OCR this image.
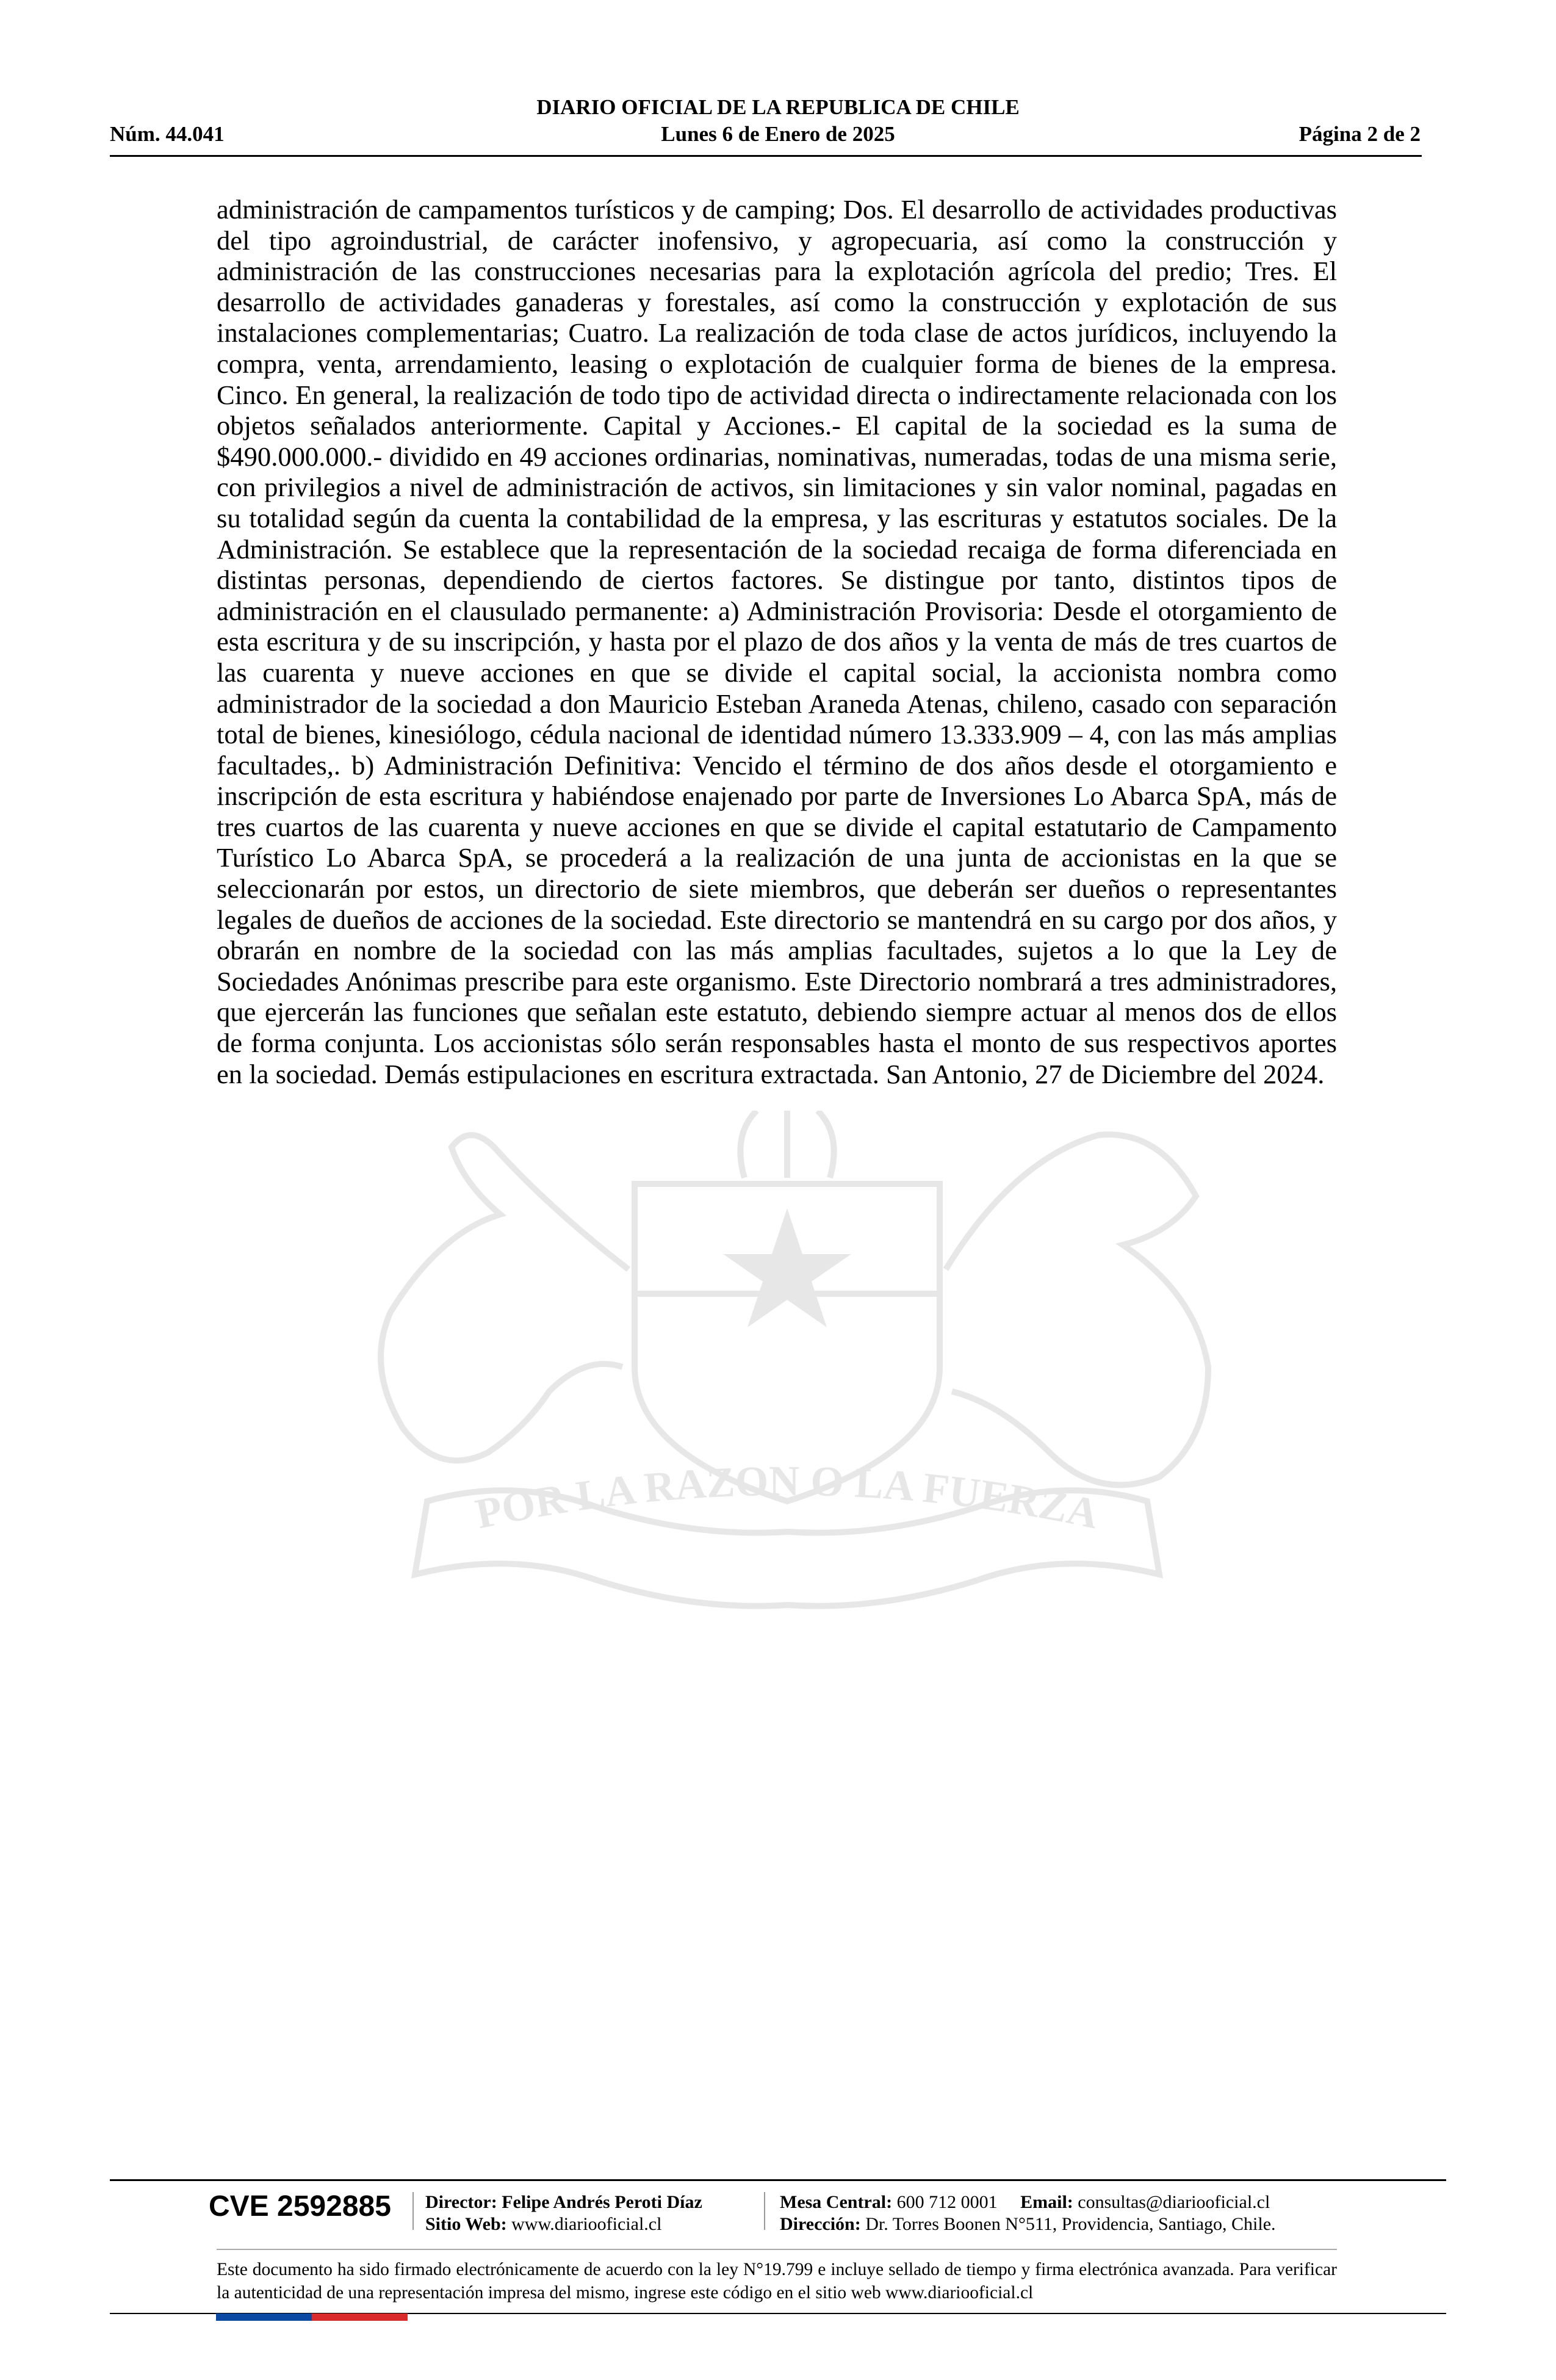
DIARIO OFICIAL DE LA REPUBLICA DE CHILE
Núm. 44.041	Lunes 6 de Enero de 2025	Página 2 de 2
POR LA RAZON O LA FUERZA
administración de campamentos turísticos y de camping; Dos. El desarrollo de actividades productivas del tipo agroindustrial, de carácter inofensivo, y agropecuaria, así como la construcción y administración de las construcciones necesarias para la explotación agrícola del predio; Tres. El desarrollo de actividades ganaderas y forestales, así como la construcción y explotación de sus instalaciones complementarias; Cuatro. La realización de toda clase de actos jurídicos, incluyendo la compra, venta, arrendamiento, leasing o explotación de cualquier forma de bienes de la empresa. Cinco. En general, la realización de todo tipo de actividad directa o indirectamente relacionada con los objetos señalados anteriormente. Capital y Acciones.- El capital de la sociedad es la suma de $490.000.000.- dividido en 49 acciones ordinarias, nominativas, numeradas, todas de una misma serie, con privilegios a nivel de administración de activos, sin limitaciones y sin valor nominal, pagadas en su totalidad según da cuenta la contabilidad de la empresa, y las escrituras y estatutos sociales. De la Administración. Se establece que la representación de la sociedad recaiga de forma diferenciada en distintas personas, dependiendo de ciertos factores. Se distingue por tanto, distintos tipos de administración en el clausulado permanente: a) Administración Provisoria: Desde el otorgamiento de esta escritura y de su inscripción, y hasta por el plazo de dos años y la venta de más de tres cuartos de las cuarenta y nueve acciones en que se divide el capital social, la accionista nombra como administrador de la sociedad a don Mauricio Esteban Araneda Atenas, chileno, casado con separación total de bienes, kinesiólogo, cédula nacional de identidad número 13.333.909 – 4, con las más amplias facultades,. b) Administración Definitiva: Vencido el término de dos años desde el otorgamiento e inscripción de esta escritura y habiéndose enajenado por parte de Inversiones Lo Abarca SpA, más de tres cuartos de las cuarenta y nueve acciones en que se divide el capital estatutario de Campamento Turístico Lo Abarca SpA, se procederá a la realización de una junta de accionistas en la que se seleccionarán por estos, un directorio de siete miembros, que deberán ser dueños o representantes legales de dueños de acciones de la sociedad. Este directorio se mantendrá en su cargo por dos años, y obrarán en nombre de la sociedad con las más amplias facultades, sujetos a lo que la Ley de Sociedades Anónimas prescribe para este organismo. Este Directorio nombrará a tres administradores, que ejercerán las funciones que señalan este estatuto, debiendo siempre actuar al menos dos de ellos de forma conjunta. Los accionistas sólo serán responsables hasta el monto de sus respectivos aportes en la sociedad. Demás estipulaciones en escritura extractada. San Antonio, 27 de Diciembre del 2024.
CVE 2592885 Director: Felipe Andrés Peroti Díaz
Sitio Web: www.diariooficial.cl
Mesa Central: 600 712 0001 Email: consultas@diariooficial.cl
Dirección: Dr. Torres Boonen N°511, Providencia, Santiago, Chile.
Este documento ha sido firmado electrónicamente de acuerdo con la ley N°19.799 e incluye sellado de tiempo y firma electrónica avanzada. Para verificar la autenticidad de una representación impresa del mismo, ingrese este código en el sitio web www.diariooficial.cl
